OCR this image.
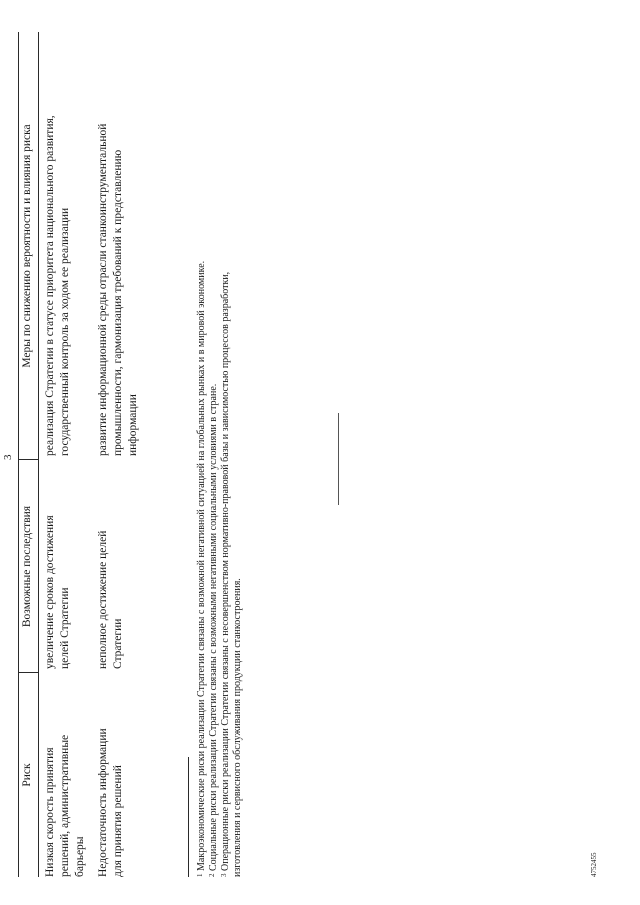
3
Риск
Возможные последствия
Меры по снижению вероятности и влияния риска
Низкая скорость принятия решений, административные барьеры
увеличение сроков достижения целей Стратегии
реализация Стратегии в статусе приоритета национального развития, государственный контроль за ходом ее реализации
Недостаточность информации для принятия решений
неполное достижение целей Стратегии
развитие информационной среды отрасли станкоинструментальной промышленности, гармонизация требований к представлению информации

$^1$ Макроэкономические риски реализации Стратегии связаны с возможной негативной ситуацией на глобальных рынках и в мировой экономике.

$^2$ Социальные риски реализации Стратегии связаны с возможными негативными социальными условиями в стране.

$^3$ Операционные риски реализации Стратегии связаны с несовершенством нормативно-правовой базы и зависимостью процессов разработки,
изготовления и сервисного обслуживания продукции станкостроения.	4752455
